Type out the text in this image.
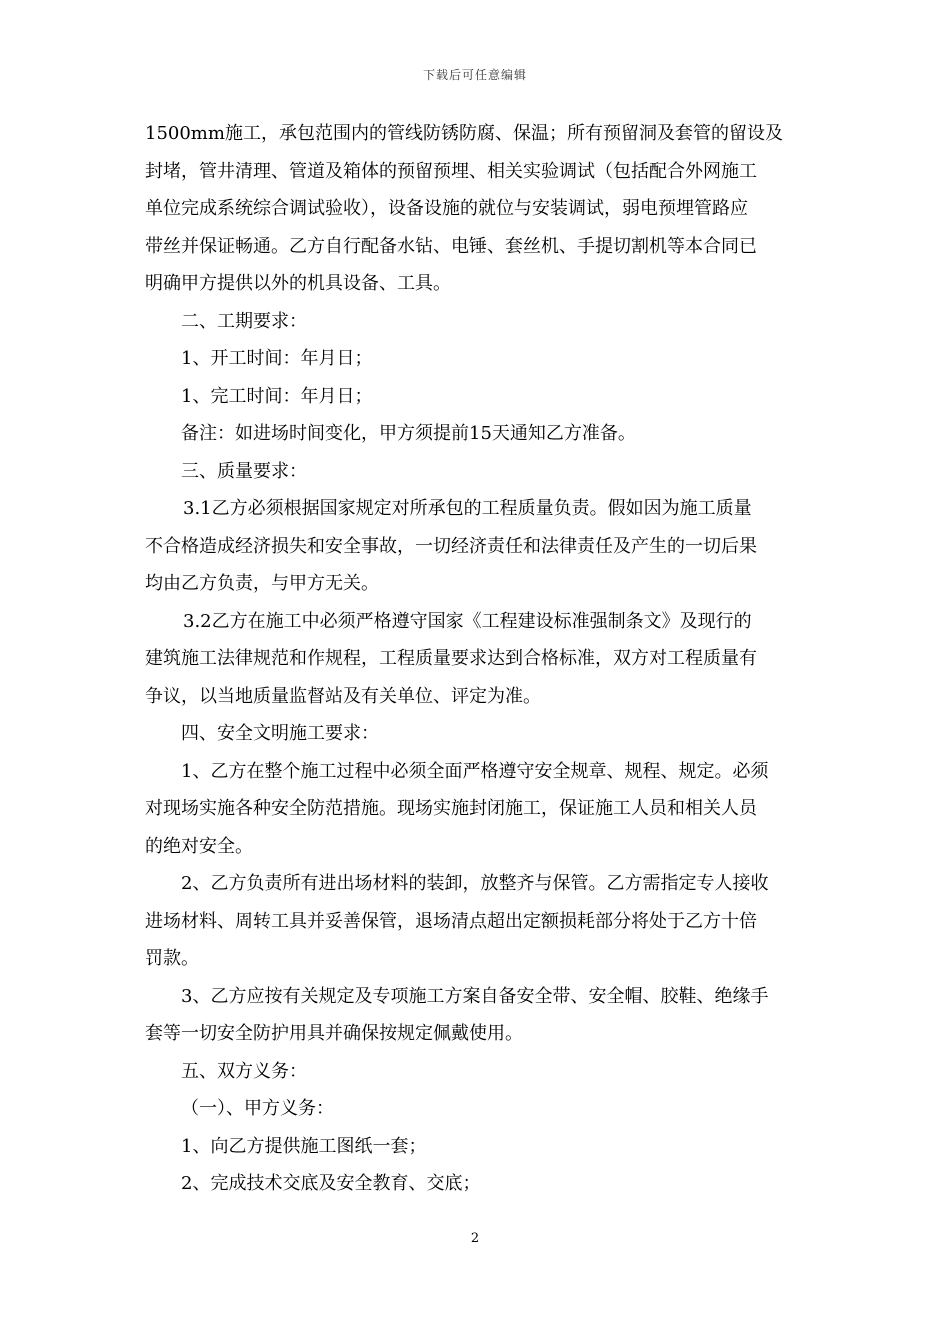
下载后可任意编辑
1500mm施工，承包范围内的管线防锈防腐、保温；所有预留洞及套管的留设及
封堵，管井清理、管道及箱体的预留预埋、相关实验调试（包括配合外网施工
单位完成系统综合调试验收），设备设施的就位与安装调试，弱电预埋管路应
带丝并保证畅通。乙方自行配备水钻、电锤、套丝机、手提切割机等本合同已
明确甲方提供以外的机具设备、工具。
二、工期要求：
1、开工时间：年月日；
1、完工时间：年月日；
备注：如进场时间变化，甲方须提前15天通知乙方准备。
三、质量要求：
3.1乙方必须根据国家规定对所承包的工程质量负责。假如因为施工质量
不合格造成经济损失和安全事故，一切经济责任和法律责任及产生的一切后果
均由乙方负责，与甲方无关。
3.2乙方在施工中必须严格遵守国家《工程建设标准强制条文》及现行的
建筑施工法律规范和作规程，工程质量要求达到合格标准，双方对工程质量有
争议，以当地质量监督站及有关单位、评定为准。
四、安全文明施工要求：
1、乙方在整个施工过程中必须全面严格遵守安全规章、规程、规定。必须
对现场实施各种安全防范措施。现场实施封闭施工，保证施工人员和相关人员
的绝对安全。
2、乙方负责所有进出场材料的装卸，放整齐与保管。乙方需指定专人接收
进场材料、周转工具并妥善保管，退场清点超出定额损耗部分将处于乙方十倍
罚款。
3、乙方应按有关规定及专项施工方案自备安全带、安全帽、胶鞋、绝缘手
套等一切安全防护用具并确保按规定佩戴使用。
五、双方义务：
（一）、甲方义务：
1、向乙方提供施工图纸一套；
2、完成技术交底及安全教育、交底；
2
